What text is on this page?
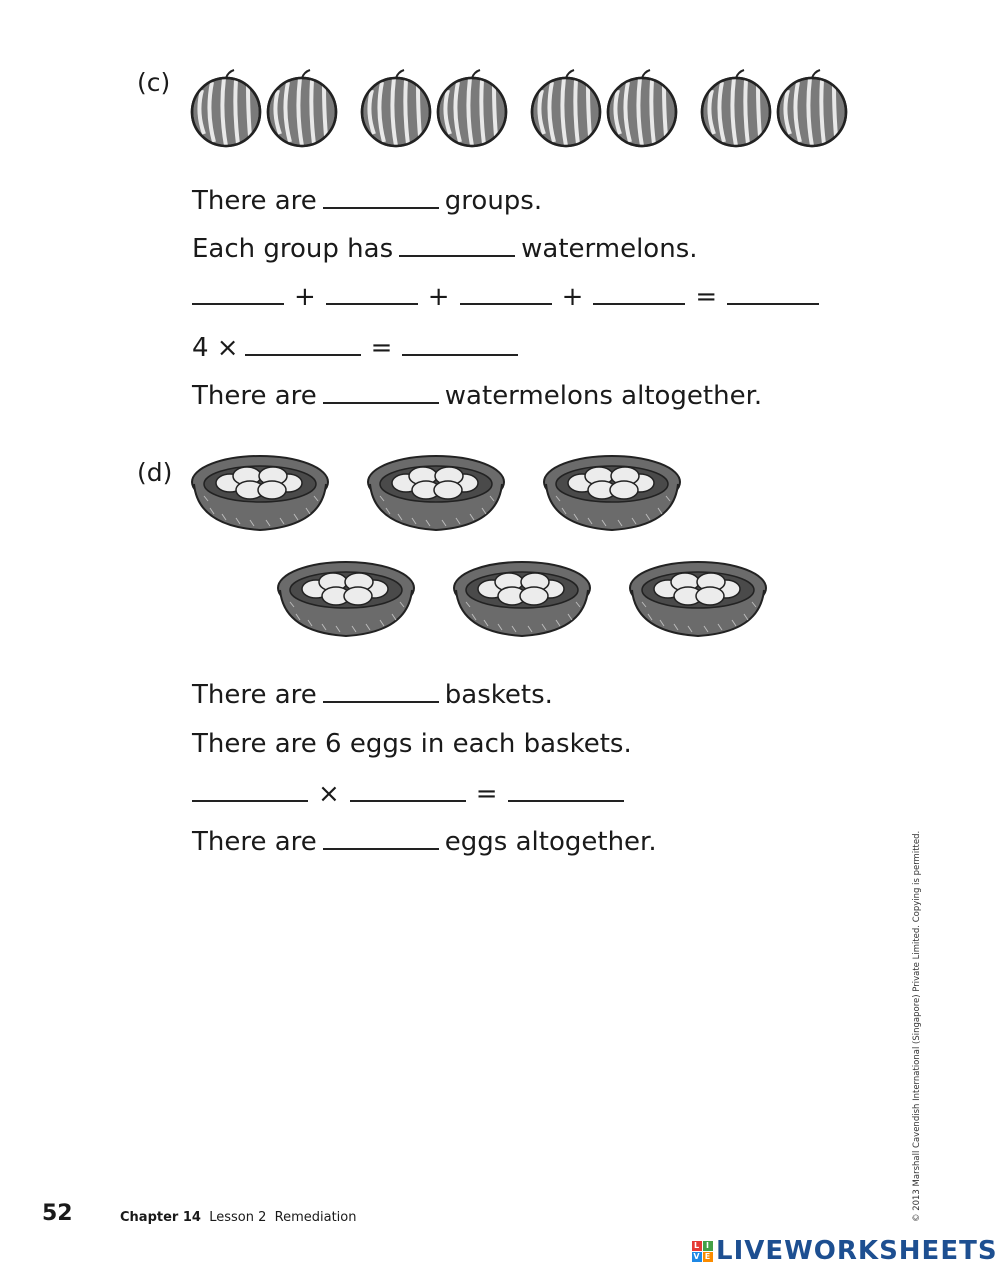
(c)
There are	groups.
Each group has	watermelons.
+	+	+	=
4 ×	=
There are	watermelons altogether.
(d)
There are	baskets.
There are 6 eggs in each baskets.
×	=
There are	eggs altogether.	© 2013 Marshall Cavendish International (Singapore) Private Limited. Copying is permitted.
52	Chapter 14 Lesson 2 Remediation
L I
V E LIVEWORKSHEETS
